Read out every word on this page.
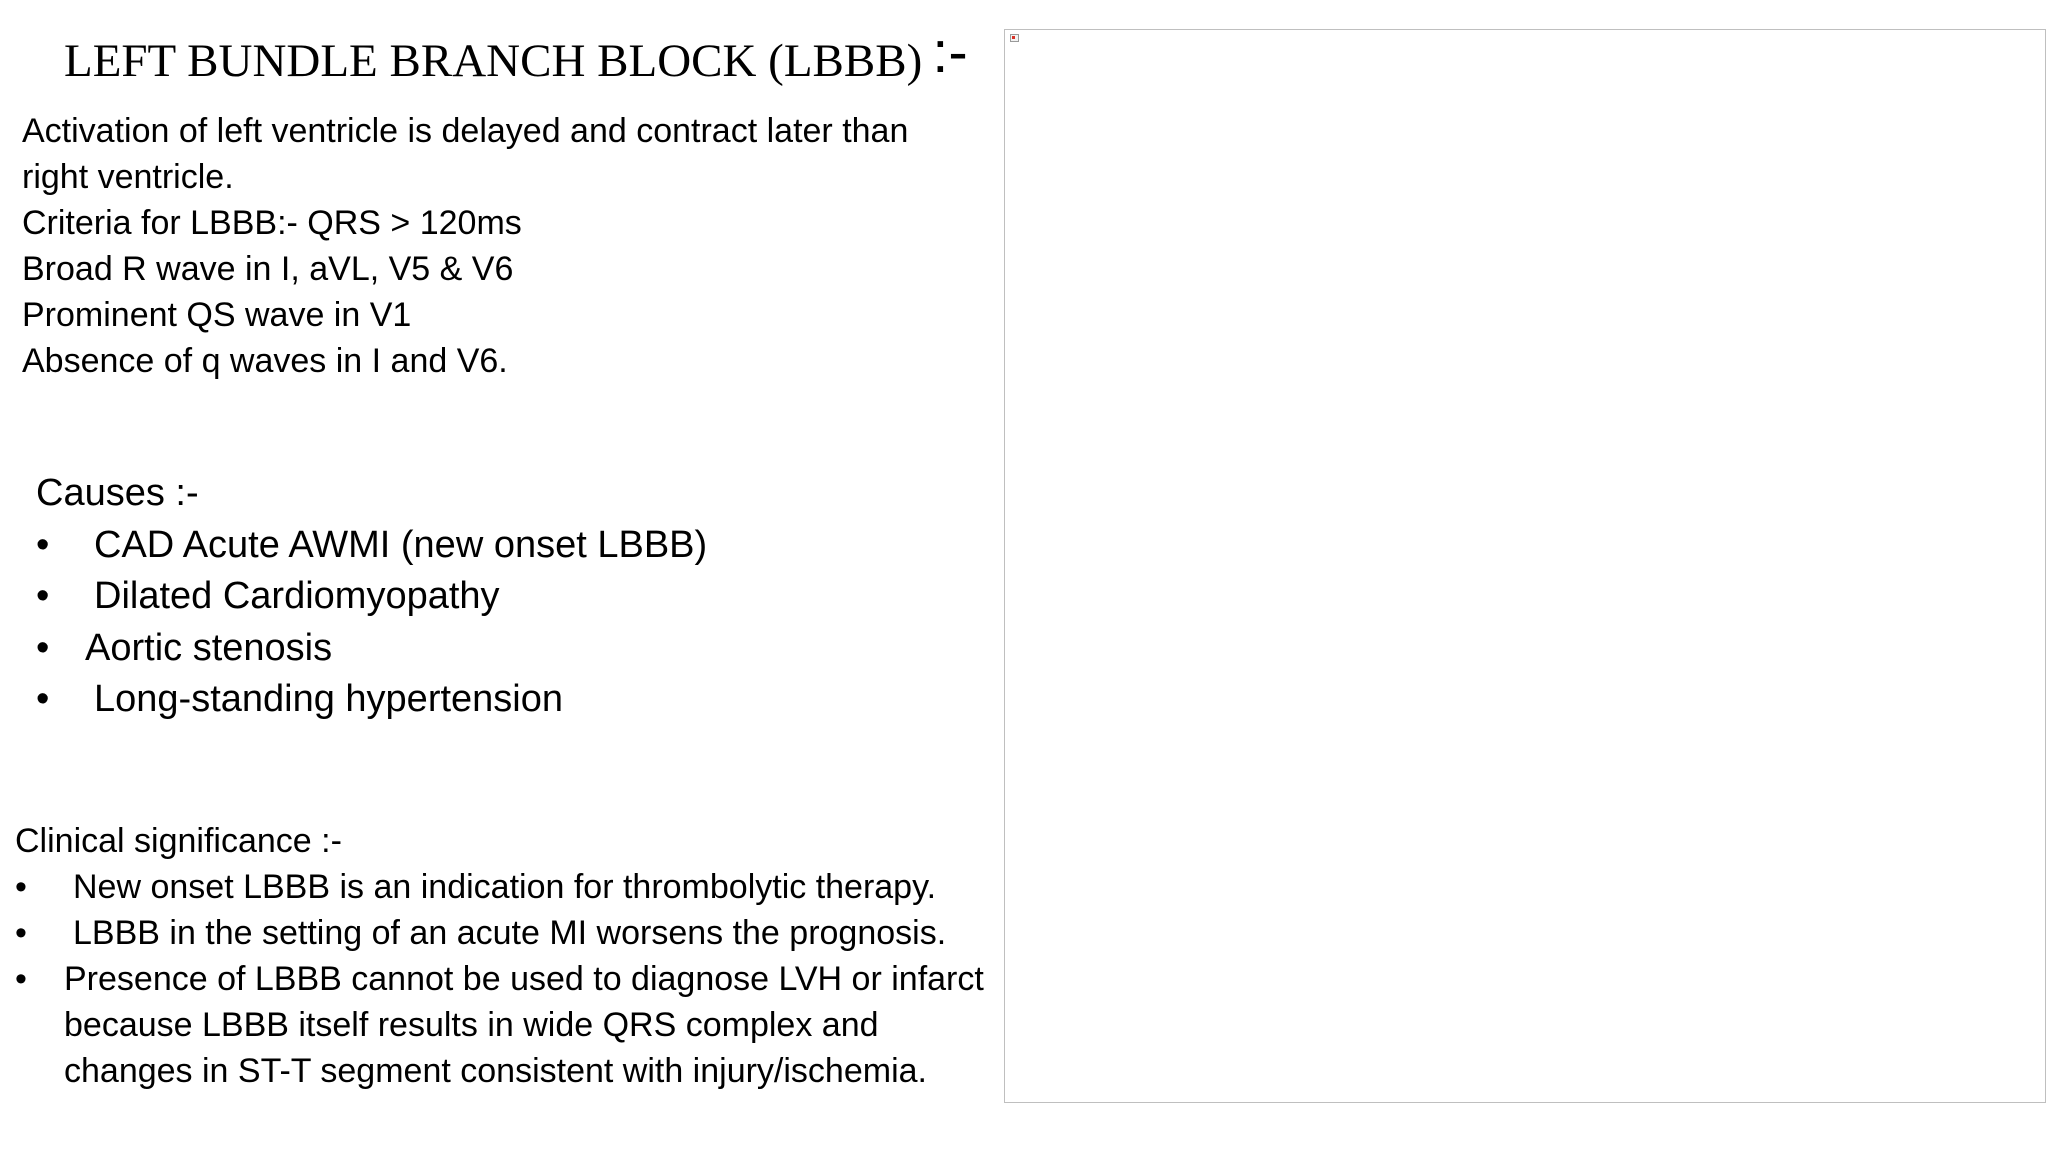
LEFT BUNDLE BRANCH BLOCK (LBBB) :-

Activation of left ventricle is delayed and contract later than right ventricle.

Criteria for LBBB:- QRS > 120ms

Broad R wave in I, aVL, V5 & V6

Prominent QS wave in V1

Absence of q waves in I and V6.

Causes :-

• CAD Acute AWMI (new onset LBBB)
• Dilated Cardiomyopathy
• Aortic stenosis
• Long-standing hypertension

Clinical significance :-

• New onset LBBB is an indication for thrombolytic therapy.
• LBBB in the setting of an acute MI worsens the prognosis.
• Presence of LBBB cannot be used to diagnose LVH or infarct because LBBB itself results in wide QRS complex and changes in ST-T segment consistent with injury/ischemia.
